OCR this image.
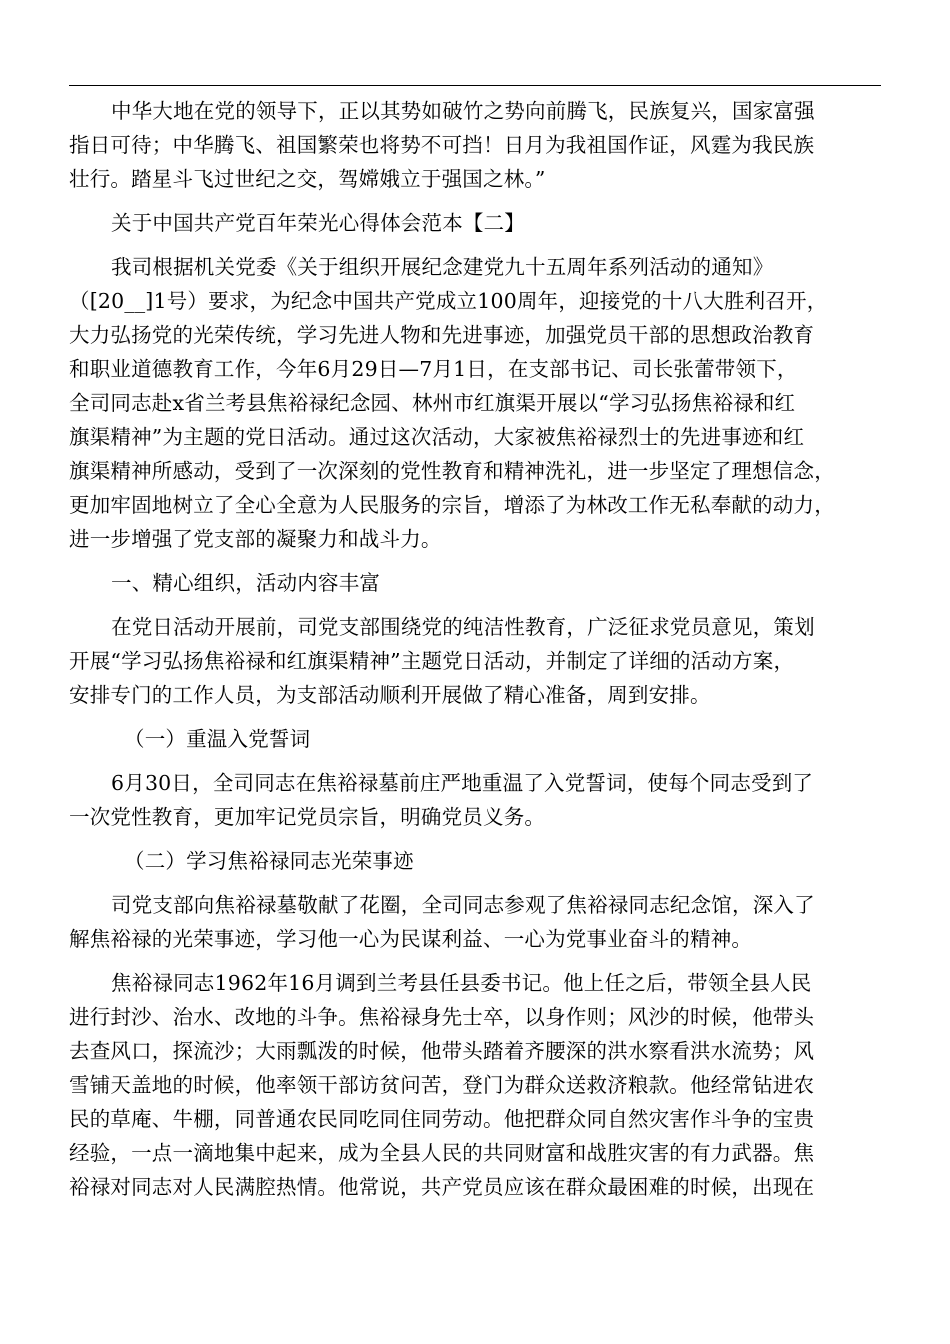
中华大地在党的领导下，正以其势如破竹之势向前腾飞，民族复兴，国家富强
指日可待；中华腾飞、祖国繁荣也将势不可挡！日月为我祖国作证，风霆为我民族
壮行。踏星斗飞过世纪之交，驾嫦娥立于强国之林。”

关于中国共产党百年荣光心得体会范本【二】

我司根据机关党委《关于组织开展纪念建党九十五周年系列活动的通知》
（[20__]1号）要求，为纪念中国共产党成立100周年，迎接党的十八大胜利召开，
大力弘扬党的光荣传统，学习先进人物和先进事迹，加强党员干部的思想政治教育
和职业道德教育工作，今年6月29日—7月1日，在支部书记、司长张蕾带领下，
全司同志赴x省兰考县焦裕禄纪念园、林州市红旗渠开展以“学习弘扬焦裕禄和红
旗渠精神”为主题的党日活动。通过这次活动，大家被焦裕禄烈士的先进事迹和红
旗渠精神所感动，受到了一次深刻的党性教育和精神洗礼，进一步坚定了理想信念，
更加牢固地树立了全心全意为人民服务的宗旨，增添了为林改工作无私奉献的动力，
进一步增强了党支部的凝聚力和战斗力。

一、精心组织，活动内容丰富

在党日活动开展前，司党支部围绕党的纯洁性教育，广泛征求党员意见，策划
开展“学习弘扬焦裕禄和红旗渠精神”主题党日活动，并制定了详细的活动方案，
安排专门的工作人员，为支部活动顺利开展做了精心准备，周到安排。

（一）重温入党誓词

6月30日，全司同志在焦裕禄墓前庄严地重温了入党誓词，使每个同志受到了
一次党性教育，更加牢记党员宗旨，明确党员义务。

（二）学习焦裕禄同志光荣事迹

司党支部向焦裕禄墓敬献了花圈，全司同志参观了焦裕禄同志纪念馆，深入了
解焦裕禄的光荣事迹，学习他一心为民谋利益、一心为党事业奋斗的精神。

焦裕禄同志1962年16月调到兰考县任县委书记。他上任之后，带领全县人民
进行封沙、治水、改地的斗争。焦裕禄身先士卒，以身作则；风沙的时候，他带头
去查风口，探流沙；大雨瓢泼的时候，他带头踏着齐腰深的洪水察看洪水流势；风
雪铺天盖地的时候，他率领干部访贫问苦，登门为群众送救济粮款。他经常钻进农
民的草庵、牛棚，同普通农民同吃同住同劳动。他把群众同自然灾害作斗争的宝贵
经验，一点一滴地集中起来，成为全县人民的共同财富和战胜灾害的有力武器。焦
裕禄对同志对人民满腔热情。他常说，共产党员应该在群众最困难的时候，出现在
